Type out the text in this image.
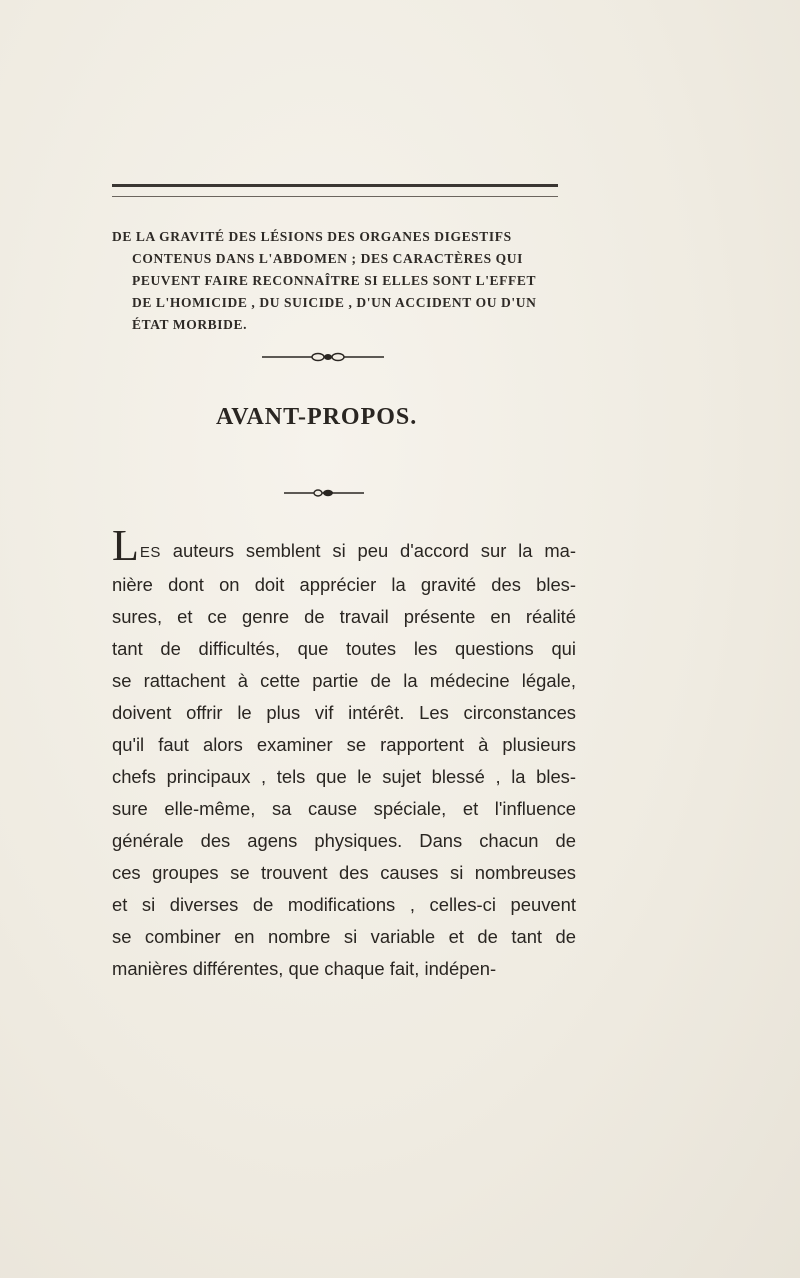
DE LA GRAVITÉ DES LÉSIONS DES ORGANES DIGESTIFS
CONTENUS DANS L'ABDOMEN ; DES CARACTÈRES QUI
PEUVENT FAIRE RECONNAÎTRE SI ELLES SONT L'EFFET
DE L'HOMICIDE , DU SUICIDE , D'UN ACCIDENT OU D'UN
ÉTAT MORBIDE.
AVANT-PROPOS.
LES auteurs semblent si peu d'accord sur la ma-
nière dont on doit apprécier la gravité des bles-
sures, et ce genre de travail présente en réalité
tant de difficultés, que toutes les questions qui
se rattachent à cette partie de la médecine légale,
doivent offrir le plus vif intérêt. Les circonstances
qu'il faut alors examiner se rapportent à plusieurs
chefs principaux , tels que le sujet blessé , la bles-
sure elle-même, sa cause spéciale, et l'influence
générale des agens physiques. Dans chacun de
ces groupes se trouvent des causes si nombreuses
et si diverses de modifications , celles-ci peuvent
se combiner en nombre si variable et de tant de
manières différentes, que chaque fait, indépen-
